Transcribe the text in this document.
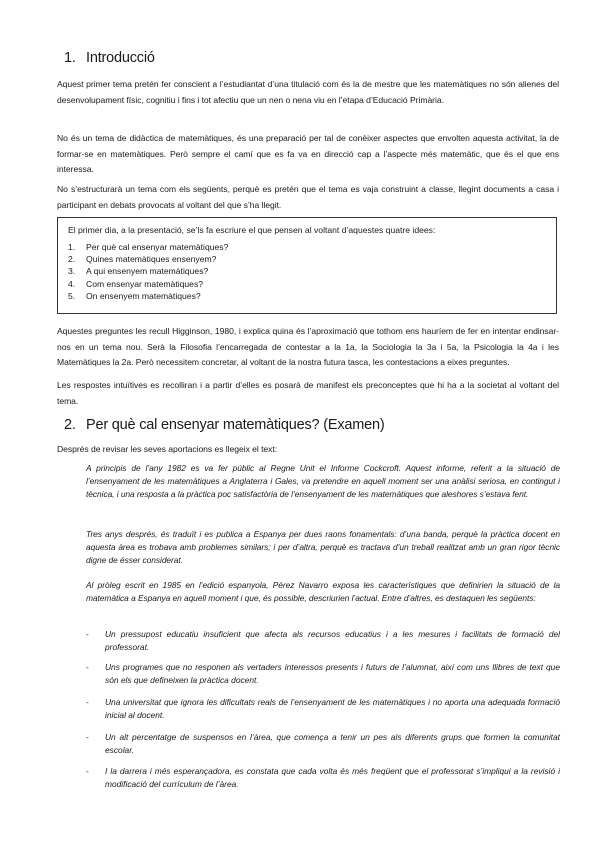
1. Introducció

Aquest primer tema pretén fer conscient a l’estudiantat d’una titulació com és la de mestre que les matemàtiques no són alienes del desenvolupament físic, cognitiu i fins i tot afectiu que un nen o nena viu en l’etapa d’Educació Primària.

No és un tema de didàctica de matemàtiques, és una preparació per tal de conèixer aspectes que envolten aquesta activitat, la de formar-se en matemàtiques. Però sempre el camí que es fa va en direcció cap a l’aspecte més matemàtic, que és el que ens interessa.

No s’estructurarà un tema com els següents, perquè es pretén que el tema es vaja construint a classe, llegint documents a casa i participant en debats provocats al voltant del que s’ha llegit.

El primer dia, a la presentació, se’ls fa escriure el que pensen al voltant d’aquestes quatre idees:

1.	Per què cal ensenyar matemàtiques?
2.	Quines matemàtiques ensenyem?
3.	A qui ensenyem matemàtiques?
4.	Com ensenyar matemàtiques?
5.	On ensenyem matemàtiques?

Aquestes preguntes les recull Higginson, 1980, i explica quina és l’aproximació que tothom ens hauríem de fer en intentar endinsar-nos en un tema nou. Serà la Filosofia l’encarregada de contestar a la 1a, la Sociologia la 3a i 5a, la Psicologia la 4a i les Matemàtiques la 2a. Però necessitem concretar, al voltant de la nostra futura tasca, les contestacions a eixes preguntes.

Les respostes intuïtives es recolliran i a partir d’elles es posarà de manifest els preconceptes que hi ha a la societat al voltant del tema.

2. Per què cal ensenyar matemàtiques? (Examen)

Després de revisar les seves aportacions es llegeix el text:

A principis de l’any 1982 es va fer públic al Regne Unit el Informe Cockcroft. Aquest informe, referit a la situació de l’ensenyament de les matemàtiques a Anglaterra i Gales, va pretendre en aquell moment ser una anàlisi seriosa, en contingut i tècnica, i una resposta a la pràctica poc satisfactòria de l’ensenyament de les matemàtiques que aleshores s’estava fent.

Tres anys després, és traduït i es publica a Espanya per dues raons fonamentals: d’una banda, perquè la pràctica docent en aquesta àrea es trobava amb problemes similars; i per d’altra, perquè es tractava d’un treball realitzat amb un gran rigor tècnic digne de ésser considerat.

Al pròleg escrit en 1985 en l’edició espanyola, Pérez Navarro exposa les característiques que definirien la situació de la matemàtica a Espanya en aquell moment i que, és possible, descriurien l’actual. Entre d’altres, es destaquen les següents:

-	Un pressupost educatiu insuficient que afecta als recursos educatius i a les mesures i facilitats de formació del professorat.
-	Uns programes que no responen als vertaders interessos presents i futurs de l’alumnat, així com uns llibres de text que són els que defineixen la pràctica docent.
-	Una universitat que ignora les dificultats reals de l’ensenyament de les matemàtiques i no aporta una adequada formació inicial al docent.
-	Un alt percentatge de suspensos en l’àrea, que comença a tenir un pes als diferents grups que formen la comunitat escolar.
-	I la darrera i més esperançadora, es constata que cada volta és més freqüent que el professorat s’impliqui a la revisió i modificació del currículum de l’àrea.
